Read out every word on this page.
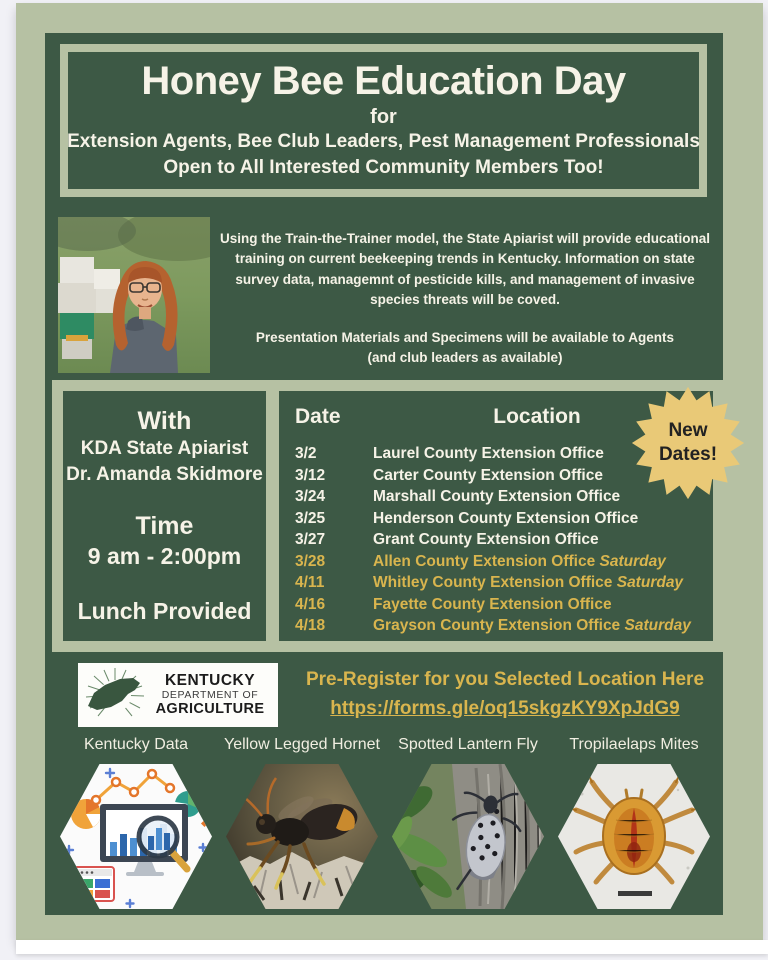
Honey Bee Education Day
for
Extension Agents, Bee Club Leaders, Pest Management Professionals
Open to All Interested Community Members Too!

Using the Train-the-Trainer model, the State Apiarist will provide educational training on current beekeeping trends in Kentucky. Information on state survey data, managemnt of pesticide kills, and management of invasive species threats will be coved.

Presentation Materials and Specimens will be available to Agents
(and club leaders as available)

With
KDA State Apiarist
Dr. Amanda Skidmore
Time
9 am - 2:00pm
Lunch Provided
Date	Location
3/2	Laurel County Extension Office
3/12	Carter County Extension Office
3/24	Marshall County Extension Office
3/25	Henderson County Extension Office
3/27	Grant County Extension Office
3/28	Allen County Extension Office Saturday
4/11	Whitley County Extension Office Saturday
4/16	Fayette County Extension Office
4/18	Grayson County Extension Office Saturday
New
Dates!
KENTUCKY
DEPARTMENT OF
AGRICULTURE
Pre-Register for you Selected Location Here
https://forms.gle/oq15skgzKY9XpJdG9
Kentucky Data	Yellow Legged Hornet	Spotted Lantern Fly	Tropilaelaps Mites
